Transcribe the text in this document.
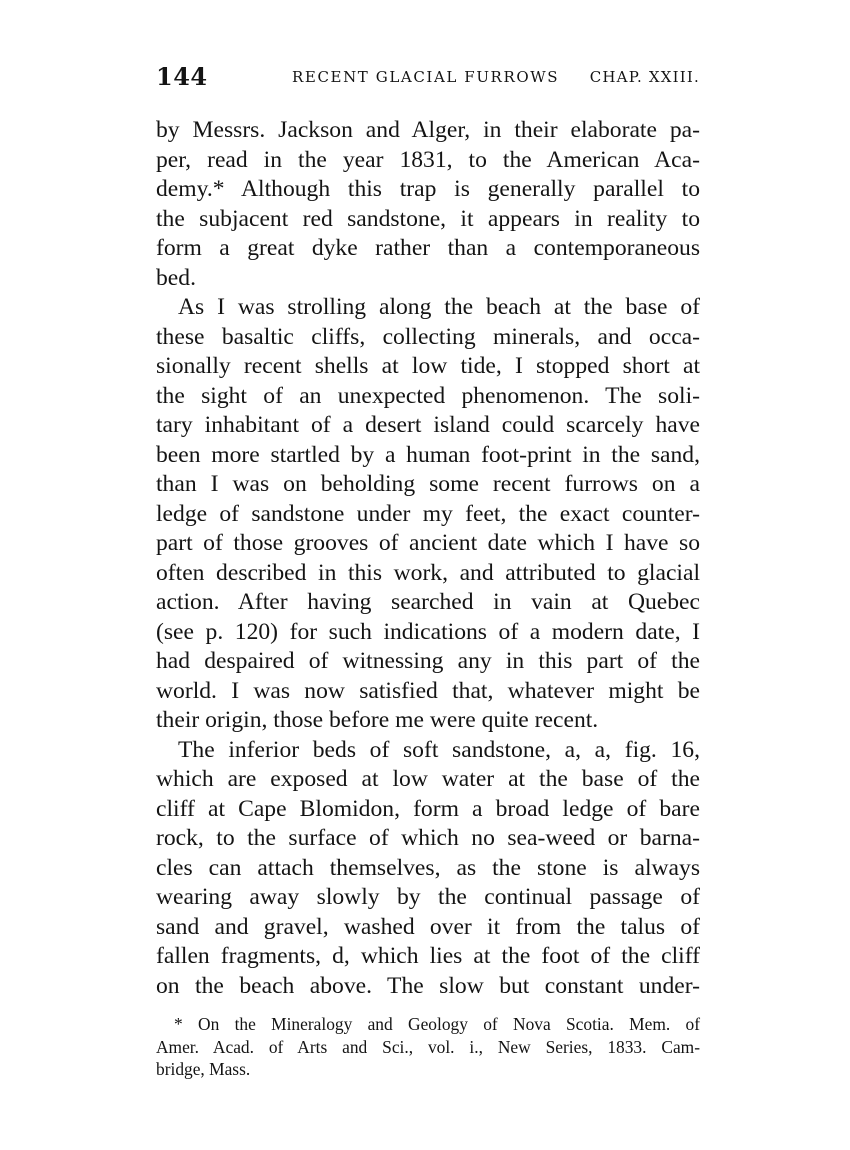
144	RECENT GLACIAL FURROWS CHAP. XXIII.
by Messrs. Jackson and Alger, in their elaborate pa-
per, read in the year 1831, to the American Aca-
demy.* Although this trap is generally parallel to
the subjacent red sandstone, it appears in reality to
form a great dyke rather than a contemporaneous
bed.
As I was strolling along the beach at the base of
these basaltic cliffs, collecting minerals, and occa-
sionally recent shells at low tide, I stopped short at
the sight of an unexpected phenomenon. The soli-
tary inhabitant of a desert island could scarcely have
been more startled by a human foot-print in the sand,
than I was on beholding some recent furrows on a
ledge of sandstone under my feet, the exact counter-
part of those grooves of ancient date which I have so
often described in this work, and attributed to glacial
action. After having searched in vain at Quebec
(see p. 120) for such indications of a modern date, I
had despaired of witnessing any in this part of the
world. I was now satisfied that, whatever might be
their origin, those before me were quite recent.
The inferior beds of soft sandstone, a, a, fig. 16,
which are exposed at low water at the base of the
cliff at Cape Blomidon, form a broad ledge of bare
rock, to the surface of which no sea-weed or barna-
cles can attach themselves, as the stone is always
wearing away slowly by the continual passage of
sand and gravel, washed over it from the talus of
fallen fragments, d, which lies at the foot of the cliff
on the beach above. The slow but constant under-
* On the Mineralogy and Geology of Nova Scotia. Mem. of
Amer. Acad. of Arts and Sci., vol. i., New Series, 1833. Cam-
bridge, Mass.
